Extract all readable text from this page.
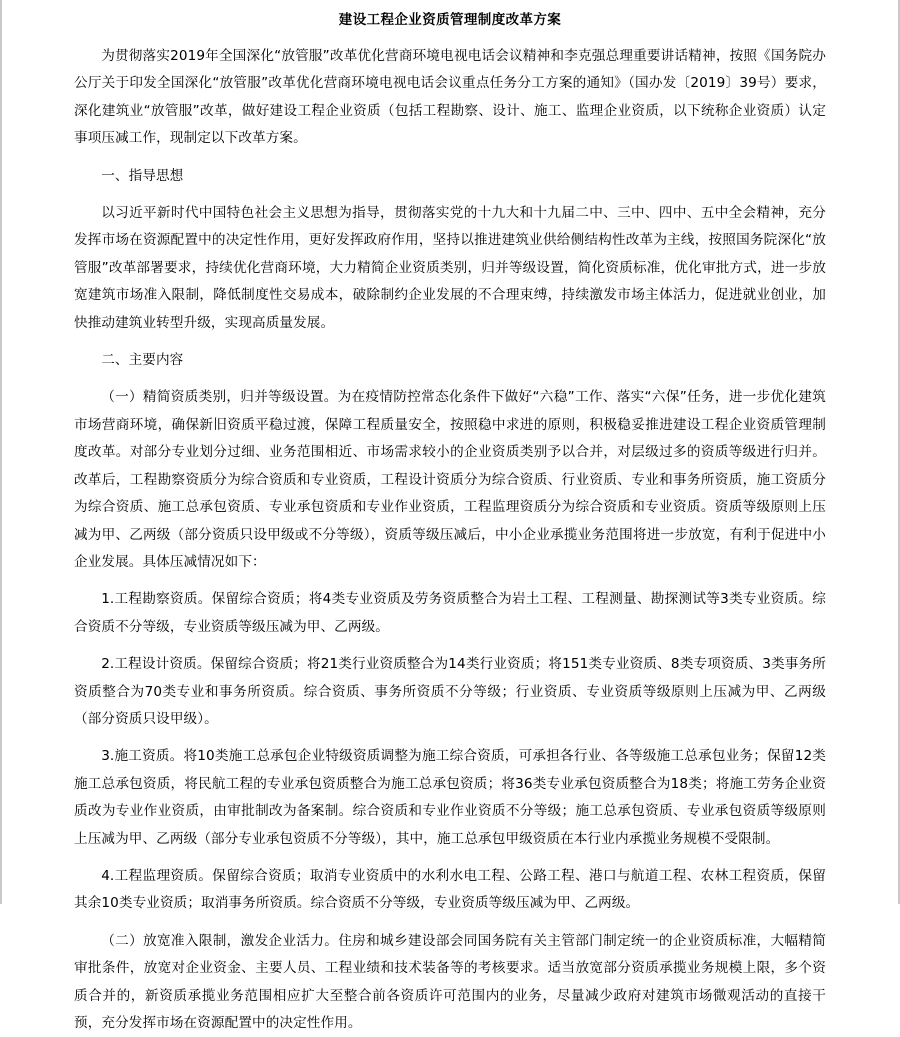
建设工程企业资质管理制度改革方案

为贯彻落实2019年全国深化“放管服”改革优化营商环境电视电话会议精神和李克强总理重要讲话精神，按照《国务院办公厅关于印发全国深化“放管服”改革优化营商环境电视电话会议重点任务分工方案的通知》（国办发〔2019〕39号）要求，深化建筑业“放管服”改革，做好建设工程企业资质（包括工程勘察、设计、施工、监理企业资质，以下统称企业资质）认定事项压减工作，现制定以下改革方案。

一、指导思想

以习近平新时代中国特色社会主义思想为指导，贯彻落实党的十九大和十九届二中、三中、四中、五中全会精神，充分发挥市场在资源配置中的决定性作用，更好发挥政府作用，坚持以推进建筑业供给侧结构性改革为主线，按照国务院深化“放管服”改革部署要求，持续优化营商环境，大力精简企业资质类别，归并等级设置，简化资质标准，优化审批方式，进一步放宽建筑市场准入限制，降低制度性交易成本，破除制约企业发展的不合理束缚，持续激发市场主体活力，促进就业创业，加快推动建筑业转型升级，实现高质量发展。

二、主要内容

（一）精简资质类别，归并等级设置。为在疫情防控常态化条件下做好“六稳”工作、落实“六保”任务，进一步优化建筑市场营商环境，确保新旧资质平稳过渡，保障工程质量安全，按照稳中求进的原则，积极稳妥推进建设工程企业资质管理制度改革。对部分专业划分过细、业务范围相近、市场需求较小的企业资质类别予以合并，对层级过多的资质等级进行归并。改革后，工程勘察资质分为综合资质和专业资质，工程设计资质分为综合资质、行业资质、专业和事务所资质，施工资质分为综合资质、施工总承包资质、专业承包资质和专业作业资质，工程监理资质分为综合资质和专业资质。资质等级原则上压减为甲、乙两级（部分资质只设甲级或不分等级），资质等级压减后，中小企业承揽业务范围将进一步放宽，有利于促进中小企业发展。具体压减情况如下：

1.工程勘察资质。保留综合资质；将4类专业资质及劳务资质整合为岩土工程、工程测量、勘探测试等3类专业资质。综合资质不分等级，专业资质等级压减为甲、乙两级。

2.工程设计资质。保留综合资质；将21类行业资质整合为14类行业资质；将151类专业资质、8类专项资质、3类事务所资质整合为70类专业和事务所资质。综合资质、事务所资质不分等级；行业资质、专业资质等级原则上压减为甲、乙两级（部分资质只设甲级）。

3.施工资质。将10类施工总承包企业特级资质调整为施工综合资质，可承担各行业、各等级施工总承包业务；保留12类施工总承包资质，将民航工程的专业承包资质整合为施工总承包资质；将36类专业承包资质整合为18类；将施工劳务企业资质改为专业作业资质，由审批制改为备案制。综合资质和专业作业资质不分等级；施工总承包资质、专业承包资质等级原则上压减为甲、乙两级（部分专业承包资质不分等级），其中，施工总承包甲级资质在本行业内承揽业务规模不受限制。

4.工程监理资质。保留综合资质；取消专业资质中的水利水电工程、公路工程、港口与航道工程、农林工程资质，保留其余10类专业资质；取消事务所资质。综合资质不分等级，专业资质等级压减为甲、乙两级。

（二）放宽准入限制，激发企业活力。住房和城乡建设部会同国务院有关主管部门制定统一的企业资质标准，大幅精简审批条件，放宽对企业资金、主要人员、工程业绩和技术装备等的考核要求。适当放宽部分资质承揽业务规模上限，多个资质合并的，新资质承揽业务范围相应扩大至整合前各资质许可范围内的业务，尽量减少政府对建筑市场微观活动的直接干预，充分发挥市场在资源配置中的决定性作用。
